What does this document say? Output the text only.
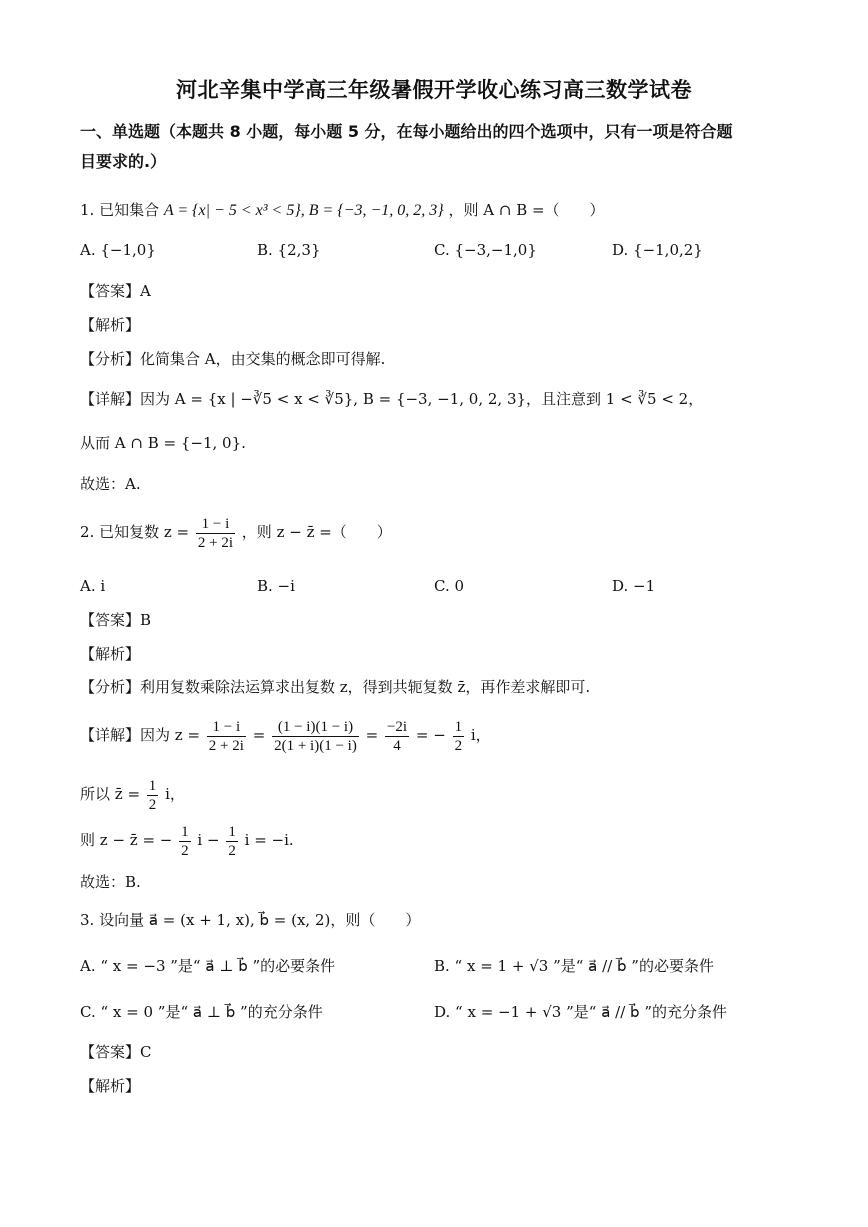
河北辛集中学高三年级暑假开学收心练习高三数学试卷
一、单选题（本题共 8 小题，每小题 5 分，在每小题给出的四个选项中，只有一项是符合题
目要求的.）
1. 已知集合 A = {x| − 5 < x³ < 5}, B = {−3, −1, 0, 2, 3} ，则 A ∩ B =（　　）
A. {−1,0}	B. {2,3}	C. {−3,−1,0}	D. {−1,0,2}
【答案】A
【解析】
【分析】化简集合 A，由交集的概念即可得解.
【详解】因为 A = {x | −∛5 < x < ∛5}, B = {−3, −1, 0, 2, 3}，且注意到 1 < ∛5 < 2，
从而 A ∩ B = {−1, 0}.
故选：A.
2. 已知复数 $z = \frac{1 - i}{2 + 2i}$ ，则 z − z̄ =（　　）
A. i	B. −i	C. 0	D. −1
【答案】B
【解析】
【分析】利用复数乘除法运算求出复数 z，得到共轭复数 z̄，再作差求解即可.
【详解】因为 $z = \frac{1 - i}{2 + 2i} = \frac{(1 - i)(1 - i)}{2(1 + i)(1 - i)} = \frac{-2i}{4}$ = − $\frac{1}{2}$ i，
所以 z̄ = $\frac{1}{2}$ i，
则 z − z̄ = − $\frac{1}{2}$ $i - \frac{1}{2}$ i = −i.
故选：B.
3. 设向量 a⃗ = (x + 1, x), b⃗ = (x, 2)，则（　　）
A. “ x = −3 ”是“ a⃗ ⊥ b⃗ ”的必要条件	B. “ x = 1 + √3 ”是“ a⃗ // b⃗ ”的必要条件
C. “ x = 0 ”是“ a⃗ ⊥ b⃗ ”的充分条件	D. “ x = −1 + √3 ”是“ a⃗ // b⃗ ”的充分条件
【答案】C
【解析】
